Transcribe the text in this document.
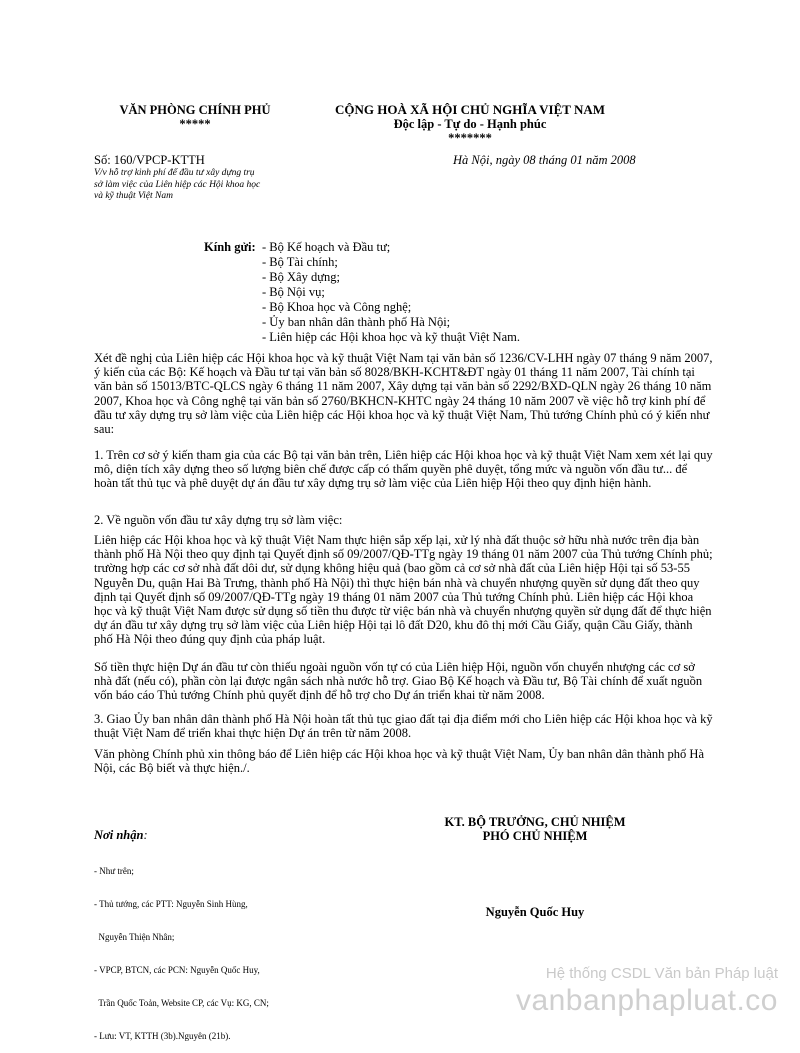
VĂN PHÒNG CHÍNH PHỦ
*****
CỘNG HOÀ XÃ HỘI CHỦ NGHĨA VIỆT NAM
Độc lập - Tự do - Hạnh phúc
*******
Số: 160/VPCP-KTTH
V/v hỗ trợ kinh phí để đầu tư xây dựng trụ
sở làm việc của Liên hiệp các Hội khoa học
và kỹ thuật Việt Nam
Hà Nội, ngày 08 tháng 01 năm 2008
Kính gửi: - Bộ Kế hoạch và Đầu tư;
- Bộ Tài chính;
- Bộ Xây dựng;
- Bộ Nội vụ;
- Bộ Khoa học và Công nghệ;
- Ủy ban nhân dân thành phố Hà Nội;
- Liên hiệp các Hội khoa học và kỹ thuật Việt Nam.
Xét đề nghị của Liên hiệp các Hội khoa học và kỹ thuật Việt Nam tại văn bản số 1236/CV-LHH ngày 07 tháng 9 năm 2007, ý kiến của các Bộ: Kế hoạch và Đầu tư tại văn bản số 8028/BKH-KCHT&ĐT ngày 01 tháng 11 năm 2007, Tài chính tại văn bản số 15013/BTC-QLCS ngày 6 tháng 11 năm 2007, Xây dựng tại văn bản số 2292/BXD-QLN ngày 26 tháng 10 năm 2007, Khoa học và Công nghệ tại văn bản số 2760/BKHCN-KHTC ngày 24 tháng 10 năm 2007 về việc hỗ trợ kinh phí để đầu tư xây dựng trụ sở làm việc của Liên hiệp các Hội khoa học và kỹ thuật Việt Nam, Thủ tướng Chính phủ có ý kiến như sau:
1. Trên cơ sở ý kiến tham gia của các Bộ tại văn bản trên, Liên hiệp các Hội khoa học và kỹ thuật Việt Nam xem xét lại quy mô, diện tích xây dựng theo số lượng biên chế được cấp có thẩm quyền phê duyệt, tổng mức và nguồn vốn đầu tư... để hoàn tất thủ tục và phê duyệt dự án đầu tư xây dựng trụ sở làm việc của Liên hiệp Hội theo quy định hiện hành.
2. Về nguồn vốn đầu tư xây dựng trụ sở làm việc:
Liên hiệp các Hội khoa học và kỹ thuật Việt Nam thực hiện sắp xếp lại, xử lý nhà đất thuộc sở hữu nhà nước trên địa bàn thành phố Hà Nội theo quy định tại Quyết định số 09/2007/QĐ-TTg ngày 19 tháng 01 năm 2007 của Thủ tướng Chính phủ; trường hợp các cơ sở nhà đất dôi dư, sử dụng không hiệu quả (bao gồm cả cơ sở nhà đất của Liên hiệp Hội tại số 53-55 Nguyễn Du, quận Hai Bà Trưng, thành phố Hà Nội) thì thực hiện bán nhà và chuyển nhượng quyền sử dụng đất theo quy định tại Quyết định số 09/2007/QĐ-TTg ngày 19 tháng 01 năm 2007 của Thủ tướng Chính phủ. Liên hiệp các Hội khoa học và kỹ thuật Việt Nam được sử dụng số tiền thu được từ việc bán nhà và chuyển nhượng quyền sử dụng đất để thực hiện dự án đầu tư xây dựng trụ sở làm việc của Liên hiệp Hội tại lô đất D20, khu đô thị mới Cầu Giấy, quận Cầu Giấy, thành phố Hà Nội theo đúng quy định của pháp luật.
Số tiền thực hiện Dự án đầu tư còn thiếu ngoài nguồn vốn tự có của Liên hiệp Hội, nguồn vốn chuyển nhượng các cơ sở nhà đất (nếu có), phần còn lại được ngân sách nhà nước hỗ trợ. Giao Bộ Kế hoạch và Đầu tư, Bộ Tài chính để xuất nguồn vốn báo cáo Thủ tướng Chính phủ quyết định để hỗ trợ cho Dự án triển khai từ năm 2008.
3. Giao Ủy ban nhân dân thành phố Hà Nội hoàn tất thủ tục giao đất tại địa điểm mới cho Liên hiệp các Hội khoa học và kỹ thuật Việt Nam để triển khai thực hiện Dự án trên từ năm 2008.
Văn phòng Chính phủ xin thông báo để Liên hiệp các Hội khoa học và kỹ thuật Việt Nam, Ủy ban nhân dân thành phố Hà Nội, các Bộ biết và thực hiện./.
KT. BỘ TRƯỞNG, CHỦ NHIỆM
PHÓ CHỦ NHIỆM
Nguyễn Quốc Huy
Nơi nhận:

- Như trên;

- Thủ tướng, các PTT: Nguyễn Sinh Hùng,

Nguyễn Thiện Nhân;

- VPCP, BTCN, các PCN: Nguyễn Quốc Huy,

Trần Quốc Toản, Website CP, các Vụ: KG, CN;

- Lưu: VT, KTTH (3b).Nguyên (21b).

Hệ thống CSDL Văn bản Pháp luật
vanbanphapluat.co
